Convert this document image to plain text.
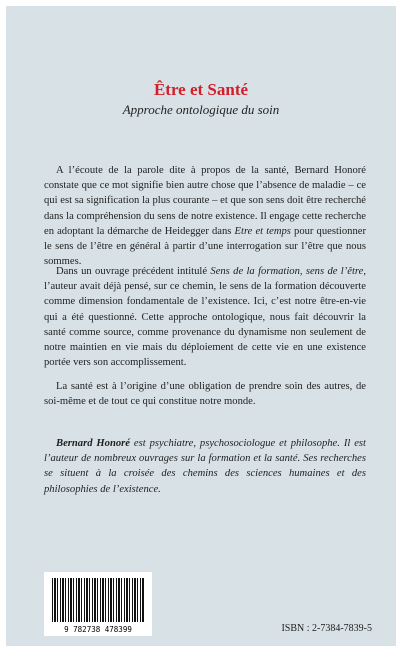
Être et Santé
Approche ontologique du soin

A l’écoute de la parole dite à propos de la santé, Bernard Honoré constate que ce mot signifie bien autre chose que l’absence de maladie – ce qui est sa signification la plus courante – et que son sens doit être recherché dans la compréhension du sens de notre existence. Il engage cette recherche en adoptant la démarche de Heidegger dans Etre et temps pour questionner le sens de l’être en général à partir d’une interrogation sur l’être que nous sommes.

Dans un ouvrage précédent intitulé Sens de la formation, sens de l’être, l’auteur avait déjà pensé, sur ce chemin, le sens de la formation découverte comme dimension fondamentale de l’existence. Ici, c’est notre être-en-vie qui a été questionné. Cette approche ontologique, nous fait découvrir la santé comme source, comme provenance du dynamisme non seulement de notre maintien en vie mais du déploiement de cette vie en une existence portée vers son accomplissement.

La santé est à l’origine d’une obligation de prendre soin des autres, de soi-même et de tout ce qui constitue notre monde.

Bernard Honoré est psychiatre, psychosociologue et philosophe. Il est l’auteur de nombreux ouvrages sur la formation et la santé. Ses recherches se situent à la croisée des chemins des sciences humaines et des philosophies de l’existence.

9 782738 478399	ISBN : 2-7384-7839-5
